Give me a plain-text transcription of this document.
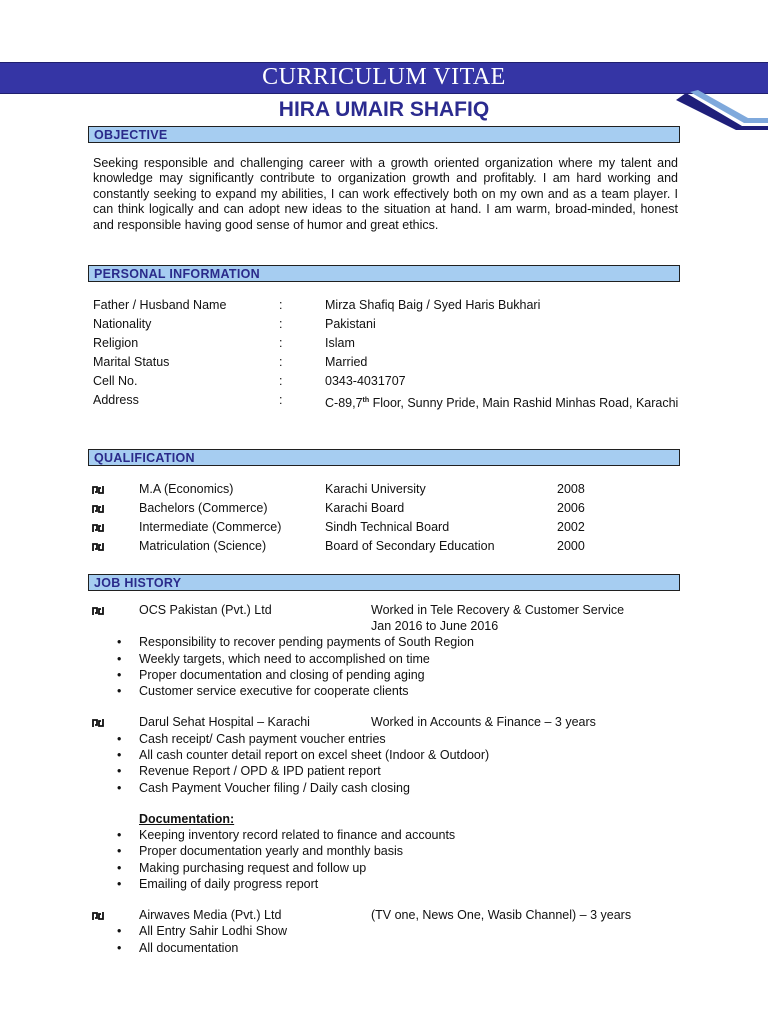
CURRICULUM VITAE
HIRA UMAIR SHAFIQ
OBJECTIVE

Seeking responsible and challenging career with a growth oriented organization where my talent and knowledge may significantly contribute to organization growth and profitably. I am hard working and constantly seeking to expand my abilities, I can work effectively both on my own and as a team player. I can think logically and can adopt new ideas to the situation at hand. I am warm, broad-minded, honest and responsible having good sense of humor and great ethics.

PERSONAL INFORMATION
Father / Husband Name	:	Mirza Shafiq Baig / Syed Haris Bukhari
Nationality	:	Pakistani
Religion	:	Islam
Marital Status	:	Married
Cell No.	:	0343-4031707
Address	:	C-89,7th Floor, Sunny Pride, Main Rashid Minhas Road, Karachi
QUALIFICATION
M.A (Economics)	Karachi University	2008
Bachelors (Commerce)	Karachi Board	2006
Intermediate (Commerce)	Sindh Technical Board	2002
Matriculation (Science)	Board of Secondary Education	2000
JOB HISTORY
OCS Pakistan (Pvt.) Ltd	Worked in Tele Recovery & Customer Service
Jan 2016 to June 2016
• Responsibility to recover pending payments of South Region
• Weekly targets, which need to accomplished on time
• Proper documentation and closing of pending aging
• Customer service executive for cooperate clients
Darul Sehat Hospital – Karachi	Worked in Accounts & Finance – 3 years
• Cash receipt/ Cash payment voucher entries
• All cash counter detail report on excel sheet (Indoor & Outdoor)
• Revenue Report / OPD & IPD patient report
• Cash Payment Voucher filing / Daily cash closing
Documentation:
• Keeping inventory record related to finance and accounts
• Proper documentation yearly and monthly basis
• Making purchasing request and follow up
• Emailing of daily progress report
Airwaves Media (Pvt.) Ltd	(TV one, News One, Wasib Channel) – 3 years
• All Entry Sahir Lodhi Show
• All documentation
